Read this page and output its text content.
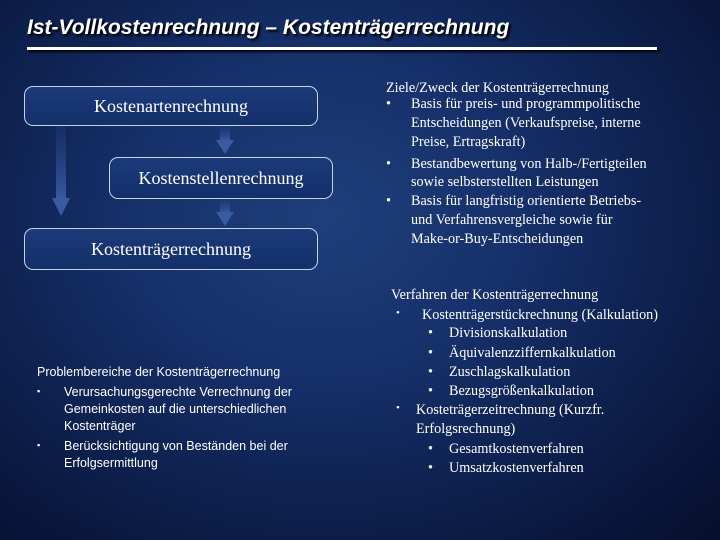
Ist-Vollkostenrechnung – Kostenträgerrechnung
Kostenartenrechnung
Kostenstellenrechnung
Kostenträgerrechnung
Ziele/Zweck der Kostenträgerrechnung
• Basis für preis- und programmpolitische
Entscheidungen (Verkaufspreise, interne
Preise, Ertragskraft)
• Bestandbewertung von Halb-/Fertigteilen
sowie selbsterstellten Leistungen
• Basis für langfristig orientierte Betriebs-
und Verfahrensvergleiche sowie für
Make-or-Buy-Entscheidungen
Verfahren der Kostenträgerrechnung
• Kostenträgerstückrechnung (Kalkulation)
• Divisionskalkulation
• Äquivalenzziffernkalkulation
• Zuschlagskalkulation
• Bezugsgrößenkalkulation
• Kosteträgerzeitrechnung (Kurzfr.
Erfolgsrechnung)
• Gesamtkostenverfahren
• Umsatzkostenverfahren
Problembereiche der Kostenträgerrechnung
▪ Verursachungsgerechte Verrechnung der
Gemeinkosten auf die unterschiedlichen
Kostenträger
▪ Berücksichtigung von Beständen bei der
Erfolgsermittlung
